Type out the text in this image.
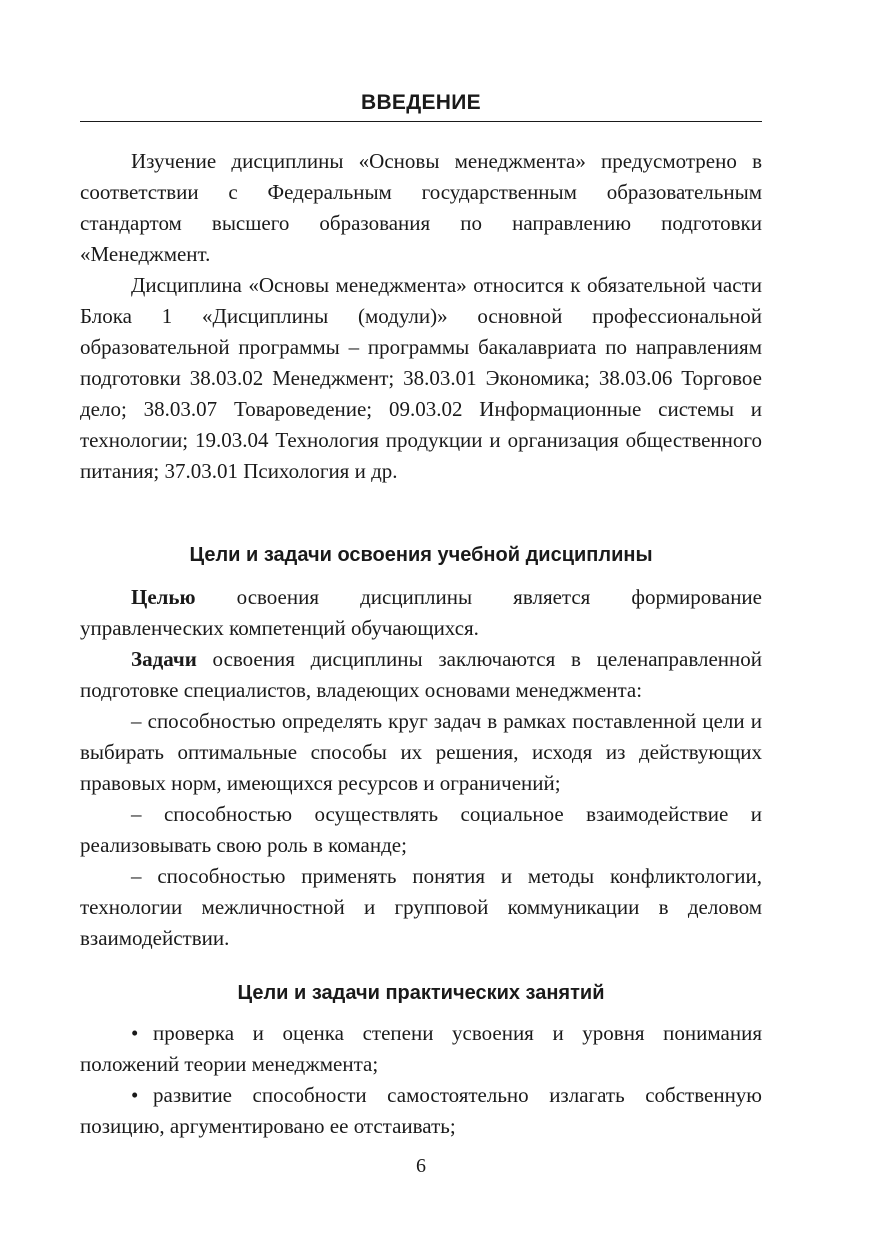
ВВЕДЕНИЕ

Изучение дисциплины «Основы менеджмента» предусмотрено в соответствии с Федеральным государственным образовательным стандартом высшего образования по направлению подготовки «Менеджмент.

Дисциплина «Основы менеджмента» относится к обязательной части Блока 1 «Дисциплины (модули)» основной профессиональной образовательной программы – программы бакалавриата по направлениям подготовки 38.03.02 Менеджмент; 38.03.01 Экономика; 38.03.06 Торговое дело; 38.03.07 Товароведение; 09.03.02 Информационные системы и технологии; 19.03.04 Технология продукции и организация общественного питания; 37.03.01 Психология и др.

Цели и задачи освоения учебной дисциплины

Целью освоения дисциплины является формирование управленческих компетенций обучающихся.

Задачи освоения дисциплины заключаются в целенаправленной подготовке специалистов, владеющих основами менеджмента:

– способностью определять круг задач в рамках поставленной цели и выбирать оптимальные способы их решения, исходя из действующих правовых норм, имеющихся ресурсов и ограничений;

– способностью осуществлять социальное взаимодействие и реализовывать свою роль в команде;

– способностью применять понятия и методы конфликтологии, технологии межличностной и групповой коммуникации в деловом взаимодействии.

Цели и задачи практических занятий

• проверка и оценка степени усвоения и уровня понимания положений теории менеджмента;

• развитие способности самостоятельно излагать собственную позицию, аргументировано ее отстаивать;

6
